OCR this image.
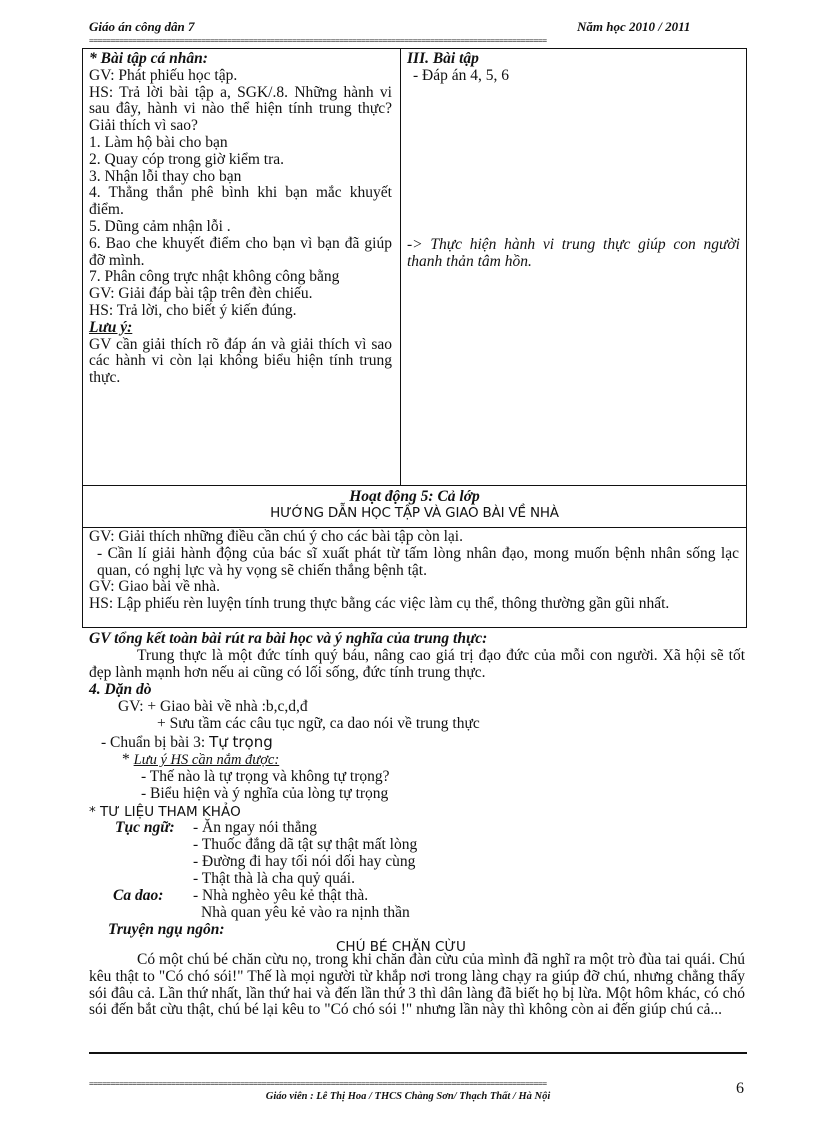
Giáo án công dân 7	Năm học 2010 / 2011
==========================================================================================================

* Bài tập cá nhân:

GV: Phát phiếu học tập.

HS: Trả lời bài tập a, SGK/.8. Những hành vi sau đây, hành vi nào thể hiện tính trung thực? Giải thích vì sao?

1. Làm hộ bài cho bạn

2. Quay cóp trong giờ kiểm tra.

3. Nhận lỗi thay cho bạn

4. Thẳng thắn phê bình khi bạn mắc khuyết điểm.

5. Dũng cảm nhận lỗi .

6. Bao che khuyết điểm cho bạn vì bạn đã giúp đỡ mình.

7. Phân công trực nhật không công bằng

GV: Giải đáp bài tập trên đèn chiếu.

HS: Trả lời, cho biết ý kiến đúng.

Lưu ý:

GV cần giải thích rõ đáp án và giải thích vì sao các hành vi còn lại không biểu hiện tính trung thực.

III. Bài tập

- Đáp án 4, 5, 6

-> Thực hiện hành vi trung thực giúp con người thanh thản tâm hồn.
Hoạt động 5: Cả lớp
HƯỚNG DẪN HỌC TẬP VÀ GIAO BÀI VỀ NHÀ

GV: Giải thích những điều cần chú ý cho các bài tập còn lại.

- Cần lí giải hành động của bác sĩ xuất phát từ tấm lòng nhân đạo, mong muốn bệnh nhân sống lạc quan, có nghị lực và hy vọng sẽ chiến thắng bệnh tật.

GV: Giao bài về nhà.

HS: Lập phiếu rèn luyện tính trung thực bằng các việc làm cụ thể, thông thường gần gũi nhất.

GV tổng kết toàn bài rút ra bài học và ý nghĩa của trung thực:

Trung thực là một đức tính quý báu, nâng cao giá trị đạo đức của mỗi con người. Xã hội sẽ tốt đẹp lành mạnh hơn nếu ai cũng có lối sống, đức tính trung thực.

4. Dặn dò
GV: + Giao bài về nhà :b,c,d,đ
+ Sưu tầm các câu tục ngữ, ca dao nói về trung thực
- Chuẩn bị bài 3: Tự trọng
* Lưu ý HS cần nắm được:
- Thế nào là tự trọng và không tự trọng?
- Biểu hiện và ý nghĩa của lòng tự trọng
* TƯ LIỆU THAM KHẢO
Tục ngữ: - Ăn ngay nói thẳng
- Thuốc đắng dã tật sự thật mất lòng
- Đường đi hay tối nói dối hay cùng
- Thật thà là cha quỷ quái.
Ca dao: - Nhà nghèo yêu kẻ thật thà.
Nhà quan yêu kẻ vào ra nịnh thần
Truyện ngụ ngôn:
CHÚ BÉ CHĂN CỪU
Có một chú bé chăn cừu nọ, trong khi chăn đàn cừu của mình đã nghĩ ra một trò đùa tai quái. Chú kêu thật to "Có chó sói!" Thế là mọi người từ khắp nơi trong làng chạy ra giúp đỡ chú, nhưng chẳng thấy sói đâu cả. Lần thứ nhất, lần thứ hai và đến lần thứ 3 thì dân làng đã biết họ bị lừa. Một hôm khác, có chó sói đến bắt cừu thật, chú bé lại kêu to "Có chó sói !" nhưng lần này thì không còn ai đến giúp chú cả...
==========================================================================================================
Giáo viên : Lê Thị Hoa / THCS Chàng Sơn/ Thạch Thất / Hà Nội	6
